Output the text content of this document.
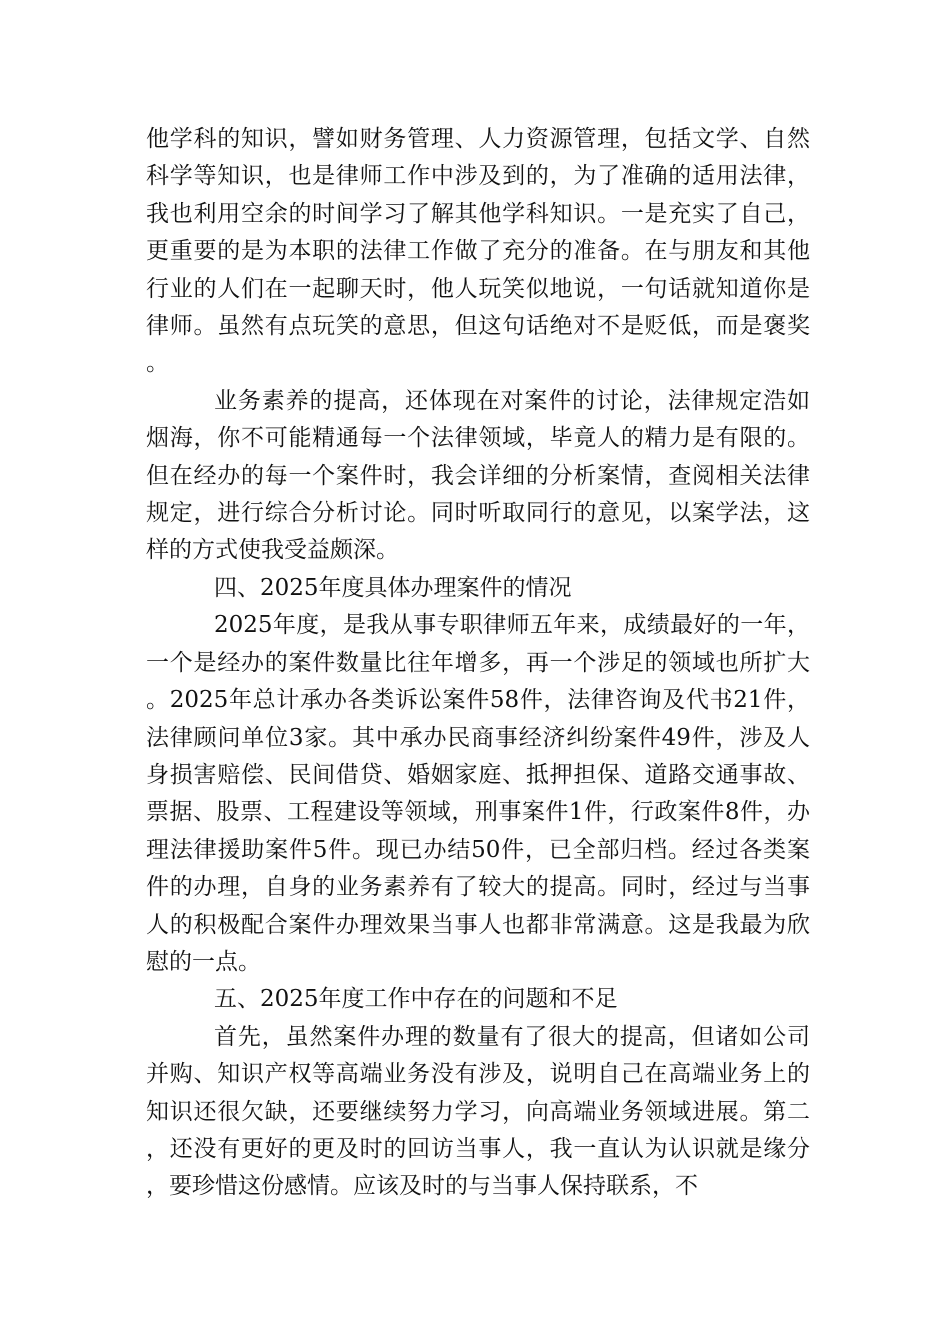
他学科的知识，譬如财务管理、人力资源管理，包括文学、自然科学等知识，也是律师工作中涉及到的，为了准确的适用法律，我也利用空余的时间学习了解其他学科知识。一是充实了自己，更重要的是为本职的法律工作做了充分的准备。在与朋友和其他行业的人们在一起聊天时，他人玩笑似地说，一句话就知道你是律师。虽然有点玩笑的意思，但这句话绝对不是贬低，而是褒奖。

业务素养的提高，还体现在对案件的讨论，法律规定浩如烟海，你不可能精通每一个法律领域，毕竟人的精力是有限的。但在经办的每一个案件时，我会详细的分析案情，查阅相关法律规定，进行综合分析讨论。同时听取同行的意见，以案学法，这样的方式使我受益颇深。

四、2025年度具体办理案件的情况

2025年度，是我从事专职律师五年来，成绩最好的一年，一个是经办的案件数量比往年增多，再一个涉足的领域也所扩大。2025年总计承办各类诉讼案件58件，法律咨询及代书21件，法律顾问单位3家。其中承办民商事经济纠纷案件49件，涉及人身损害赔偿、民间借贷、婚姻家庭、抵押担保、道路交通事故、票据、股票、工程建设等领域，刑事案件1件，行政案件8件，办理法律援助案件5件。现已办结50件，已全部归档。经过各类案件的办理，自身的业务素养有了较大的提高。同时，经过与当事人的积极配合案件办理效果当事人也都非常满意。这是我最为欣慰的一点。

五、2025年度工作中存在的问题和不足

首先，虽然案件办理的数量有了很大的提高，但诸如公司并购、知识产权等高端业务没有涉及，说明自己在高端业务上的知识还很欠缺，还要继续努力学习，向高端业务领域进展。第二，还没有更好的更及时的回访当事人，我一直认为认识就是缘分，要珍惜这份感情。应该及时的与当事人保持联系，不
